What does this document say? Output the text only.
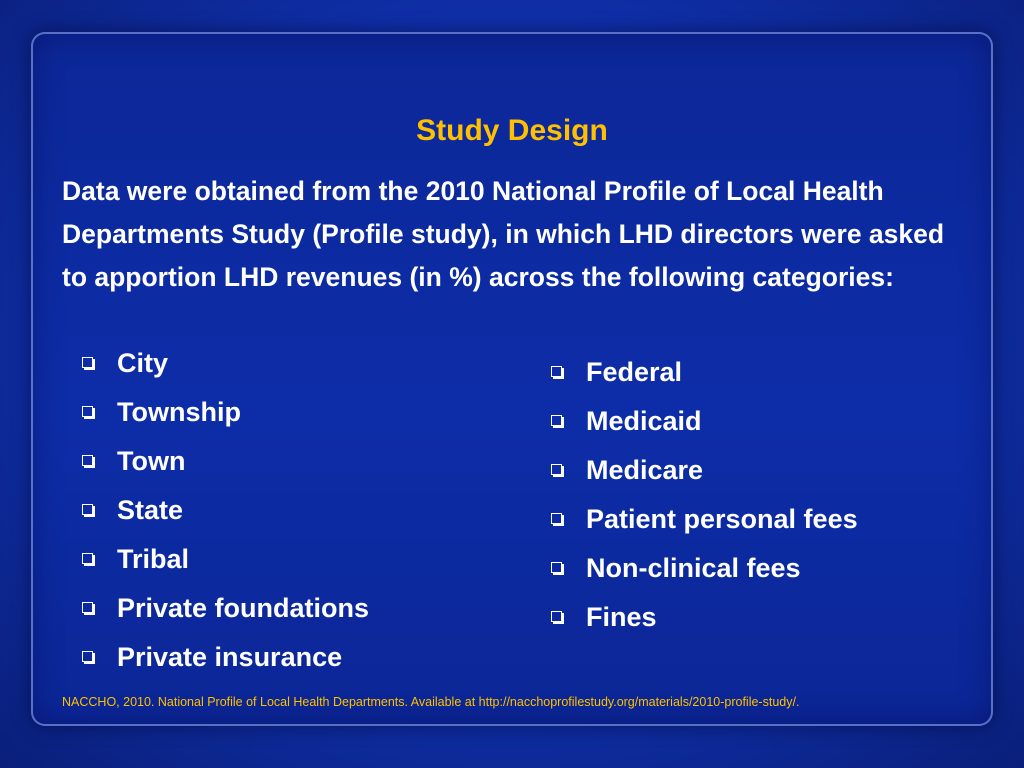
Study Design

Data were obtained from the 2010 National Profile of Local Health Departments Study (Profile study), in which LHD directors were asked to apportion LHD revenues (in %) across the following categories:

City
Township
Town
State
Tribal
Private foundations
Private insurance
Federal
Medicaid
Medicare
Patient personal fees
Non-clinical fees
Fines

NACCHO, 2010. National Profile of Local Health Departments. Available at http://nacchoprofilestudy.org/materials/2010-profile-study/.
